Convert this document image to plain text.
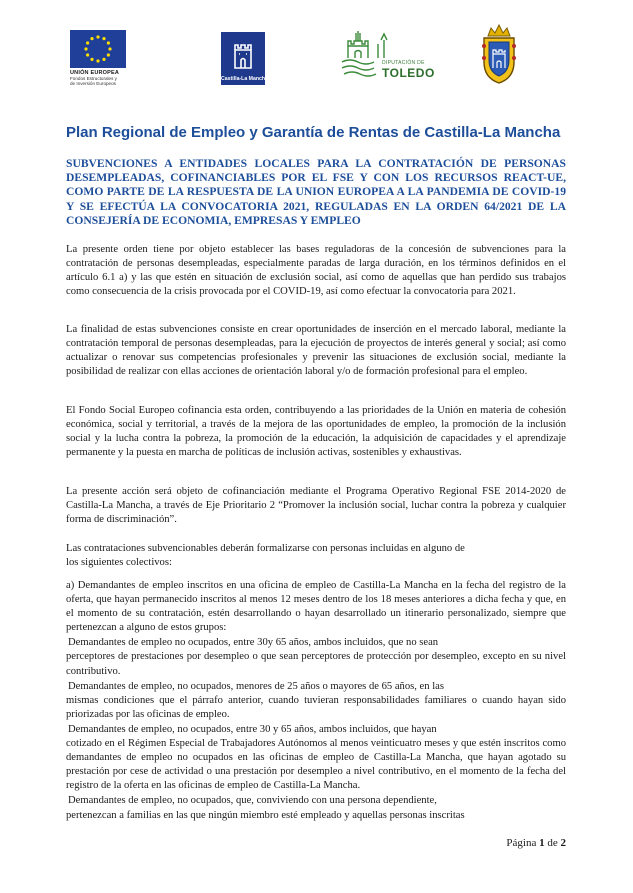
UNIÓN EUROPEA
Fondos Estructurales y
de Inversión Europeos
Castilla-La Mancha
DIPUTACIÓN DE
TOLEDO
Plan Regional de Empleo y Garantía de Rentas de Castilla-La Mancha
SUBVENCIONES A ENTIDADES LOCALES PARA LA CONTRATACIÓN DE PERSONAS DESEMPLEADAS, COFINANCIABLES POR EL FSE Y CON LOS RECURSOS REACT-UE, COMO PARTE DE LA RESPUESTA DE LA UNION EUROPEA A LA PANDEMIA DE COVID-19 Y SE EFECTÚA LA CONVOCATORIA 2021, REGULADAS EN LA ORDEN 64/2021 DE LA CONSEJERÍA DE ECONOMIA, EMPRESAS Y EMPLEO

La presente orden tiene por objeto establecer las bases reguladoras de la concesión de subvenciones para la contratación de personas desempleadas, especialmente paradas de larga duración, en los términos definidos en el artículo 6.1 a) y las que estén en situación de exclusión social, así como de aquellas que han perdido sus trabajos como consecuencia de la crisis provocada por el COVID-19, así como efectuar la convocatoria para 2021.

La finalidad de estas subvenciones consiste en crear oportunidades de inserción en el mercado laboral, mediante la contratación temporal de personas desempleadas, para la ejecución de proyectos de interés general y social; así como actualizar o renovar sus competencias profesionales y prevenir las situaciones de exclusión social, mediante la posibilidad de realizar con ellas acciones de orientación laboral y/o de formación profesional para el empleo.

El Fondo Social Europeo cofinancia esta orden, contribuyendo a las prioridades de la Unión en materia de cohesión económica, social y territorial, a través de la mejora de las oportunidades de empleo, la promoción de la inclusión social y la lucha contra la pobreza, la promoción de la educación, la adquisición de capacidades y el aprendizaje permanente y la puesta en marcha de políticas de inclusión activas, sostenibles y exhaustivas.

La presente acción será objeto de cofinanciación mediante el Programa Operativo Regional FSE 2014-2020 de Castilla-La Mancha, a través de Eje Prioritario 2 “Promover la inclusión social, luchar contra la pobreza y cualquier forma de discriminación”.

Las contrataciones subvencionables deberán formalizarse con personas incluidas en alguno de
los siguientes colectivos:
a) Demandantes de empleo inscritos en una oficina de empleo de Castilla-La Mancha en la fecha del registro de la oferta, que hayan permanecido inscritos al menos 12 meses dentro de los 18 meses anteriores a dicha fecha y que, en el momento de su contratación, estén desarrollando o hayan desarrollado un itinerario personalizado, siempre que pertenezcan a alguno de estos grupos:
Demandantes de empleo no ocupados, entre 30y 65 años, ambos incluidos, que no sean
perceptores de prestaciones por desempleo o que sean perceptores de protección por desempleo, excepto en su nivel contributivo.
Demandantes de empleo, no ocupados, menores de 25 años o mayores de 65 años, en las
mismas condiciones que el párrafo anterior, cuando tuvieran responsabilidades familiares o cuando hayan sido priorizadas por las oficinas de empleo.
Demandantes de empleo, no ocupados, entre 30 y 65 años, ambos incluidos, que hayan
cotizado en el Régimen Especial de Trabajadores Autónomos al menos veinticuatro meses y que estén inscritos como demandantes de empleo no ocupados en las oficinas de empleo de Castilla-La Mancha, que hayan agotado su prestación por cese de actividad o una prestación por desempleo a nivel contributivo, en el momento de la fecha del registro de la oferta en las oficinas de empleo de Castilla-La Mancha.
Demandantes de empleo, no ocupados, que, conviviendo con una persona dependiente,
pertenezcan a familias en las que ningún miembro esté empleado y aquellas personas inscritas
Página 1 de 2
